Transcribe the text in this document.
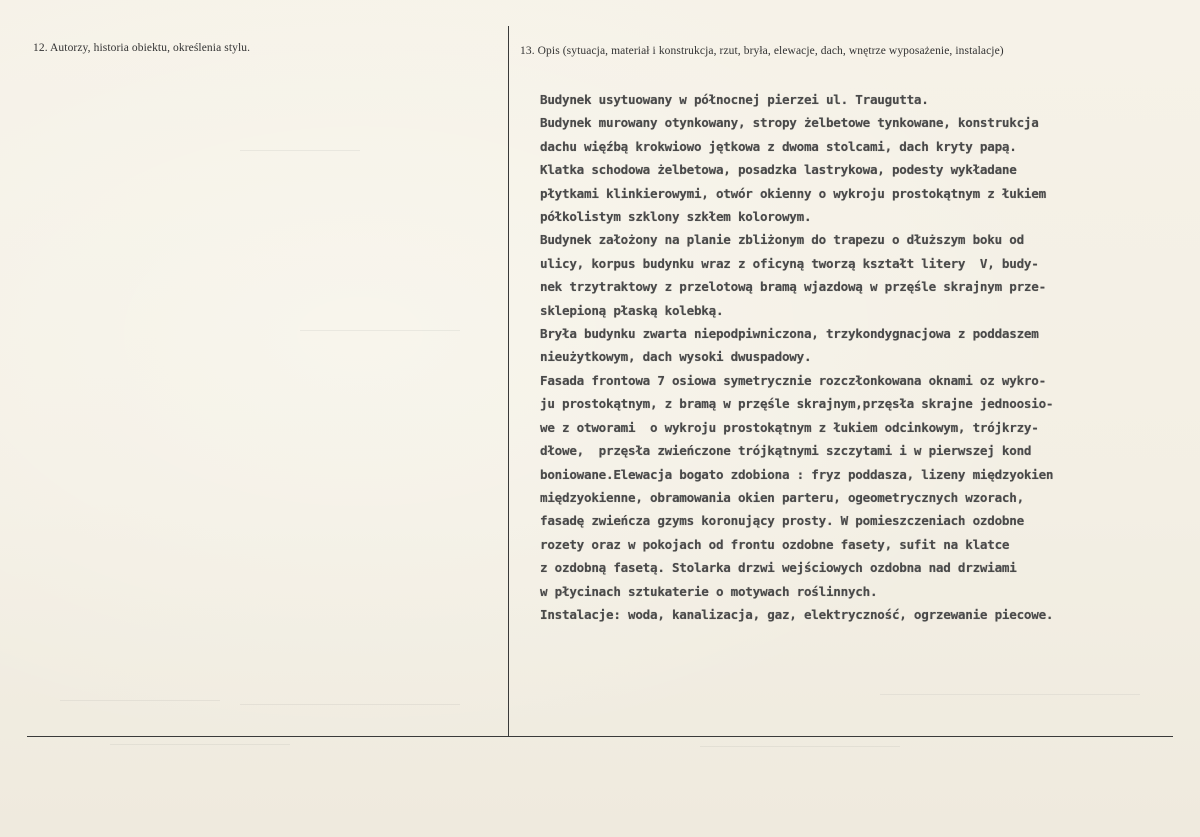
12. Autorzy, historia obiektu, określenia stylu.	13. Opis (sytuacja, materiał i konstrukcja, rzut, bryła, elewacje, dach, wnętrze wyposażenie, instalacje)
Budynek usytuowany w północnej pierzei ul. Traugutta.
Budynek murowany otynkowany, stropy żelbetowe tynkowane, konstrukcja
dachu więźbą krokwiowo jętkowa z dwoma stolcami, dach kryty papą.
Klatka schodowa żelbetowa, posadzka lastrykowa, podesty wykładane
płytkami klinkierowymi, otwór okienny o wykroju prostokątnym z łukiem
półkolistym szklony szkłem kolorowym.
Budynek założony na planie zbliżonym do trapezu o dłuższym boku od
ulicy, korpus budynku wraz z oficyną tworzą kształt litery  V, budy-
nek trzytraktowy z przelotową bramą wjazdową w przęśle skrajnym prze-
sklepioną płaską kolebką.
Bryła budynku zwarta niepodpiwniczona, trzykondygnacjowa z poddaszem
nieużytkowym, dach wysoki dwuspadowy.
Fasada frontowa 7 osiowa symetrycznie rozczłonkowana oknami oz wykro-
ju prostokątnym, z bramą w przęśle skrajnym,przęsła skrajne jednoosio-
we z otworami  o wykroju prostokątnym z łukiem odcinkowym, trójkrzy-
dłowe,  przęsła zwieńczone trójkątnymi szczytami i w pierwszej kond
boniowane.Elewacja bogato zdobiona : fryz poddasza, lizeny międzyokien
międzyokienne, obramowania okien parteru, ogeometrycznych wzorach,
fasadę zwieńcza gzyms koronujący prosty. W pomieszczeniach ozdobne
rozety oraz w pokojach od frontu ozdobne fasety, sufit na klatce
z ozdobną fasetą. Stolarka drzwi wejściowych ozdobna nad drzwiami
w płycinach sztukaterie o motywach roślinnych.
Instalacje: woda, kanalizacja, gaz, elektryczność, ogrzewanie piecowe.
